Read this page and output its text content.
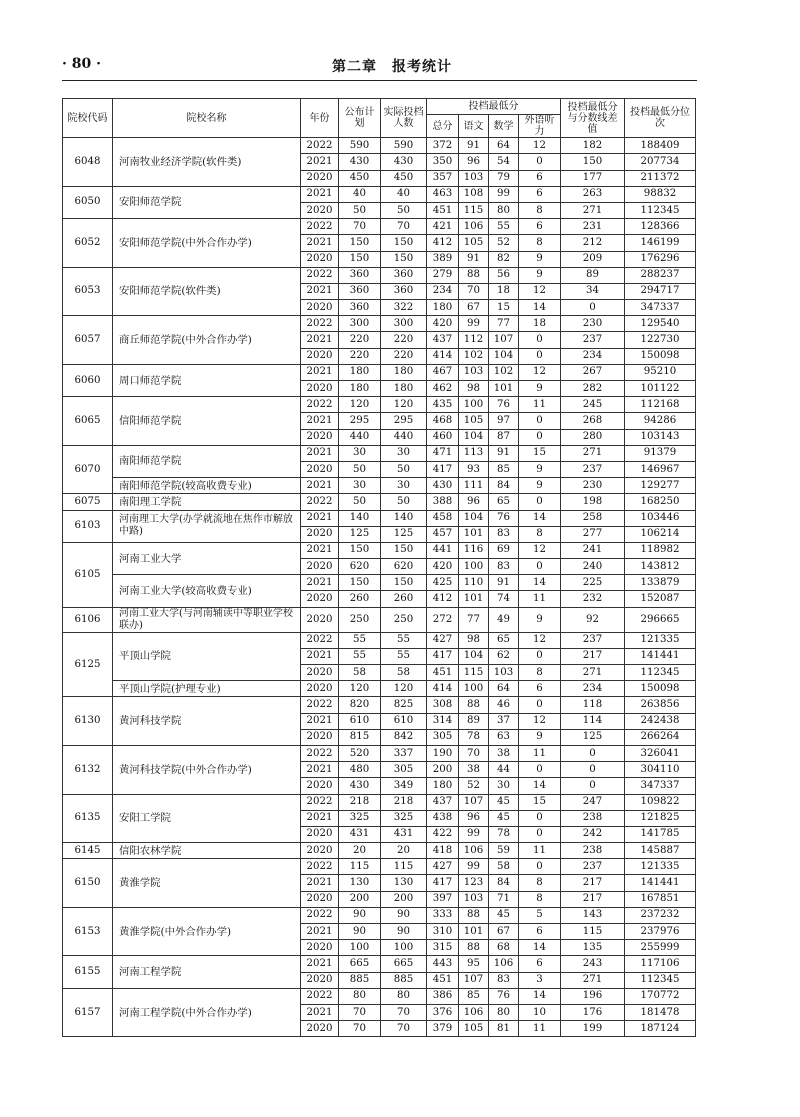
· 80 ·	第二章　报考统计
院校代码	院校名称	年份	公布计划	实际投档人数	投档最低分				投档最低分与分数线差值	投档最低分位次
					总分	语文	数学	外语听力		
6048	河南牧业经济学院(软件类)	2022	590	590	372	91	64	12	182	188409
		2021	430	430	350	96	54	0	150	207734
		2020	450	450	357	103	79	6	177	211372
6050	安阳师范学院	2021	40	40	463	108	99	6	263	98832
		2020	50	50	451	115	80	8	271	112345
6052	安阳师范学院(中外合作办学)	2022	70	70	421	106	55	6	231	128366
		2021	150	150	412	105	52	8	212	146199
		2020	150	150	389	91	82	9	209	176296
6053	安阳师范学院(软件类)	2022	360	360	279	88	56	9	89	288237
		2021	360	360	234	70	18	12	34	294717
		2020	360	322	180	67	15	14	0	347337
6057	商丘师范学院(中外合作办学)	2022	300	300	420	99	77	18	230	129540
		2021	220	220	437	112	107	0	237	122730
		2020	220	220	414	102	104	0	234	150098
6060	周口师范学院	2021	180	180	467	103	102	12	267	95210
		2020	180	180	462	98	101	9	282	101122
6065	信阳师范学院	2022	120	120	435	100	76	11	245	112168
		2021	295	295	468	105	97	0	268	94286
		2020	440	440	460	104	87	0	280	103143
6070	南阳师范学院	2021	30	30	471	113	91	15	271	91379
		2020	50	50	417	93	85	9	237	146967
	南阳师范学院(较高收费专业)	2021	30	30	430	111	84	9	230	129277
6075	南阳理工学院	2022	50	50	388	96	65	0	198	168250
6103	河南理工大学(办学就流地在焦作市解放中路)	2021	140	140	458	104	76	14	258	103446
		2020	125	125	457	101	83	8	277	106214
6105	河南工业大学	2021	150	150	441	116	69	12	241	118982
		2020	620	620	420	100	83	0	240	143812
	河南工业大学(较高收费专业)	2021	150	150	425	110	91	14	225	133879
		2020	260	260	412	101	74	11	232	152087
6106	河南工业大学(与河南辅读中等职业学校联办)	2020	250	250	272	77	49	9	92	296665
6125	平顶山学院	2022	55	55	427	98	65	12	237	121335
		2021	55	55	417	104	62	0	217	141441
		2020	58	58	451	115	103	8	271	112345
	平顶山学院(护理专业)	2020	120	120	414	100	64	6	234	150098
6130	黄河科技学院	2022	820	825	308	88	46	0	118	263856
		2021	610	610	314	89	37	12	114	242438
		2020	815	842	305	78	63	9	125	266264
6132	黄河科技学院(中外合作办学)	2022	520	337	190	70	38	11	0	326041
		2021	480	305	200	38	44	0	0	304110
		2020	430	349	180	52	30	14	0	347337
6135	安阳工学院	2022	218	218	437	107	45	15	247	109822
		2021	325	325	438	96	45	0	238	121825
		2020	431	431	422	99	78	0	242	141785
6145	信阳农林学院	2020	20	20	418	106	59	11	238	145887
6150	黄淮学院	2022	115	115	427	99	58	0	237	121335
		2021	130	130	417	123	84	8	217	141441
		2020	200	200	397	103	71	8	217	167851
6153	黄淮学院(中外合作办学)	2022	90	90	333	88	45	5	143	237232
		2021	90	90	310	101	67	6	115	237976
		2020	100	100	315	88	68	14	135	255999
6155	河南工程学院	2021	665	665	443	95	106	6	243	117106
		2020	885	885	451	107	83	3	271	112345
6157	河南工程学院(中外合作办学)	2022	80	80	386	85	76	14	196	170772
		2021	70	70	376	106	80	10	176	181478
		2020	70	70	379	105	81	11	199	187124
